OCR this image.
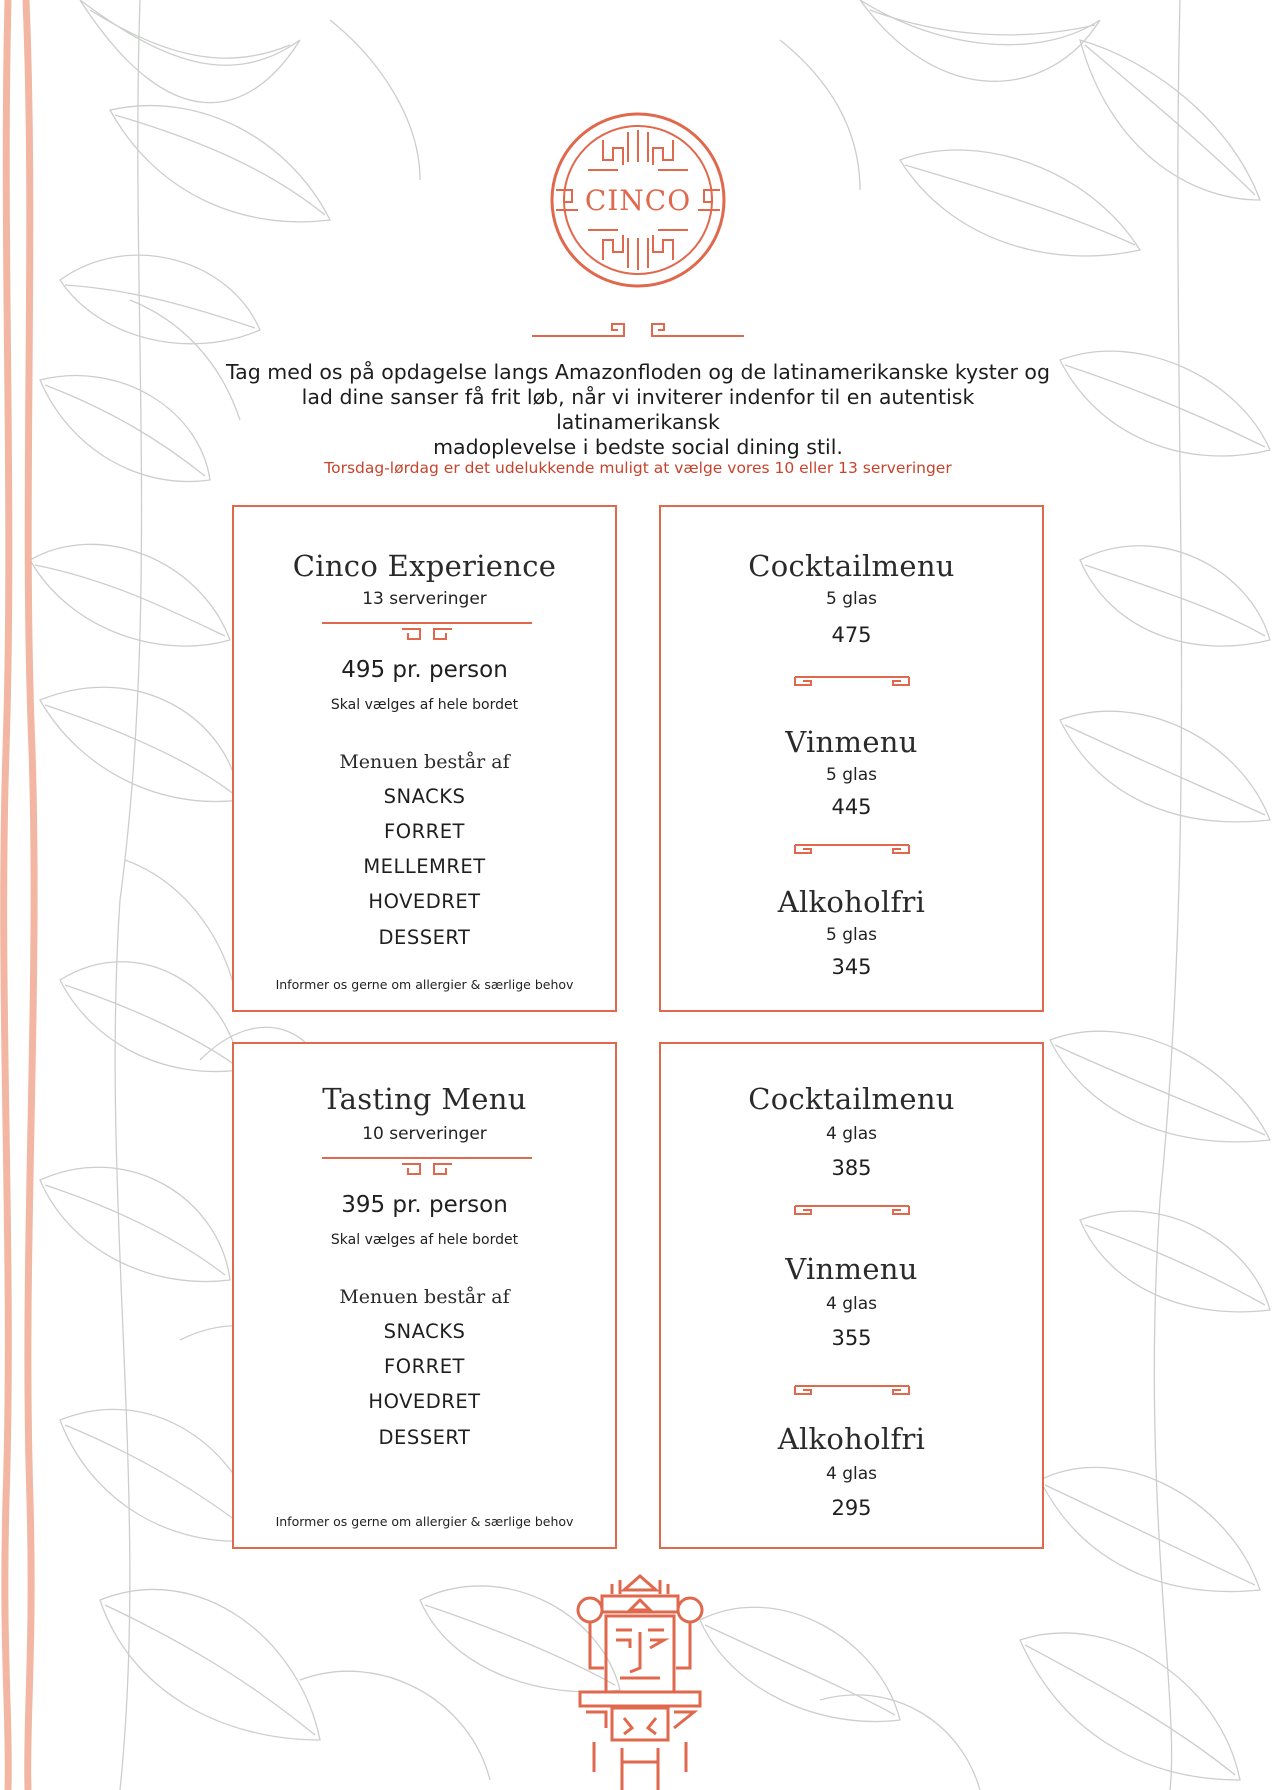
CINCO

Tag med os på opdagelse langs Amazonfloden og de latinamerikanske kyster og
lad dine sanser få frit løb, når vi inviterer indenfor til en autentisk latinamerikansk
madoplevelse i bedste social dining stil.

Torsdag-lørdag er det udelukkende muligt at vælge vores 10 eller 13 serveringer

Cinco Experience

13 serveringer

495 pr. person

Skal vælges af hele bordet

Menuen består af

SNACKS

FORRET

MELLEMRET

HOVEDRET

DESSERT

Informer os gerne om allergier & særlige behov

Cocktailmenu

5 glas

475

Vinmenu

5 glas

445

Alkoholfri

5 glas

345

Tasting Menu

10 serveringer

395 pr. person

Skal vælges af hele bordet

Menuen består af

SNACKS

FORRET

HOVEDRET

DESSERT

Informer os gerne om allergier & særlige behov

Cocktailmenu

4 glas

385

Vinmenu

4 glas

355

Alkoholfri

4 glas

295
